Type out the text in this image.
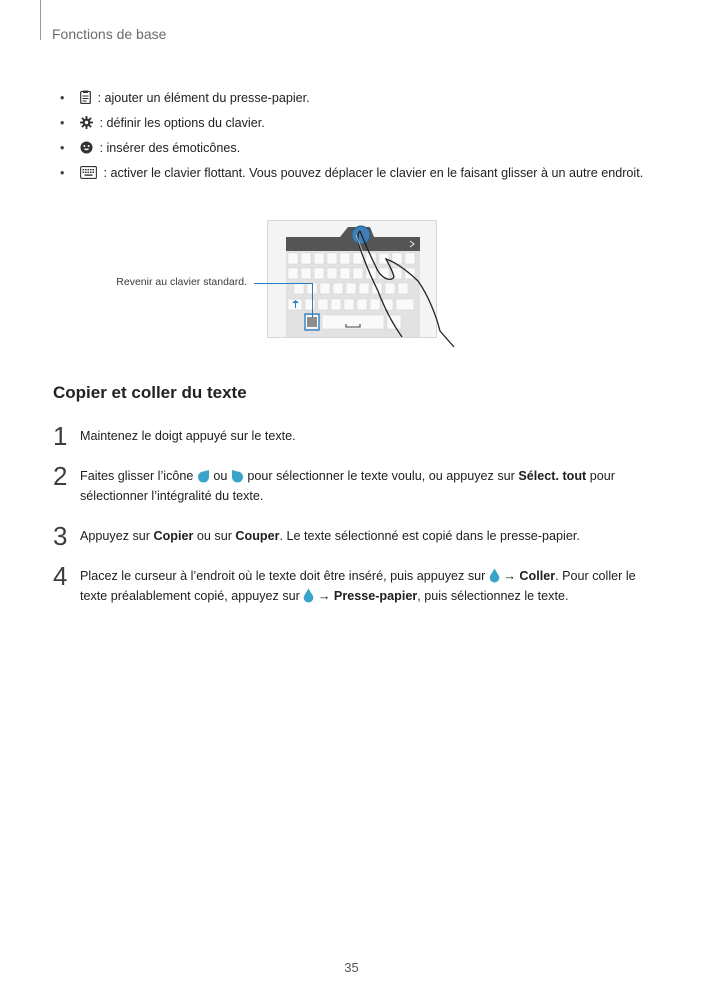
Fonctions de base
• : ajouter un élément du presse-papier.
•	: définir les options du clavier.
•	: insérer des émoticônes.
•	: activer le clavier flottant. Vous pouvez déplacer le clavier en le faisant glisser à un autre endroit.
Revenir au clavier standard.
Copier et coller du texte
1 Maintenez le doigt appuyé sur le texte.
2 Faites glisser l’icône  ou  pour sélectionner le texte voulu, ou appuyez sur Sélect. tout pour sélectionner l’intégralité du texte.
3 Appuyez sur Copier ou sur Couper. Le texte sélectionné est copié dans le presse-papier.
4 Placez le curseur à l’endroit où le texte doit être inséré, puis appuyez sur  → Coller. Pour coller le texte préalablement copié, appuyez sur  → Presse-papier, puis sélectionnez le texte.
35
